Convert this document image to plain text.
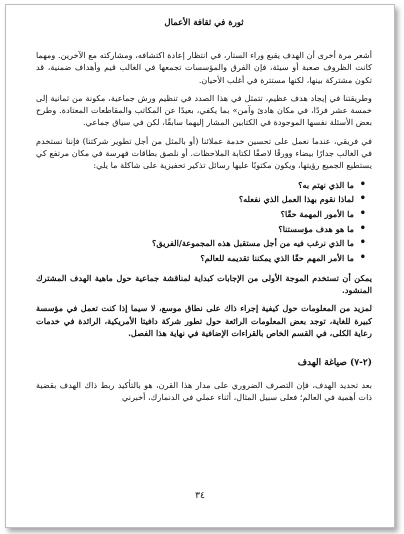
ثورة في ثقافة الأعمال

أشعر مرة أخرى أن الهدف يقبع وراء الستار، في انتظار إعادة اكتشافه، ومشاركته مع الآخرين. ومهما كانت الظروف صعبة أو سيئة، فإن الفرق والمؤسسات تجمعها في الغالب قيم وأهداف ضمنية، قد تكون مشتركة بينها، لكنها مستترة في أغلب الأحيان.

وطريقتنا في إيجاد هدف عظيم، تتمثل في هذا الصدد في تنظيم ورش جماعية، مكونة من ثمانية إلى خمسة عشر فردًا، في مكان هادئ وآمن» بما يكفي، بعيدًا عن المكاتب والمقاطعات المعتادة. وطرح بعض الأسئلة نفسها الموجودة في الكتابين المشار إليهما سابقًا، لكن في سياق جماعي.

في فريقي، عندما نعمل على تحسين خدمة عملائنا (أو بالمثل من أجل تطوير شركتنا) فإننا نستخدم في الغالب جدارًا بيضاء وورقًا لاصقًا لكتابة الملاحظات. أو نلصق بطاقات فهرسة في مكان مرتفع كي يستطيع الجميع رؤيتها، ويكون مكتوبًا عليها رسائل تذكير تحفيزية على شاكلة ما يلي:

• ما الذي نهتم به؟
• لماذا نقوم بهذا العمل الذي نفعله؟
• ما الأمور المهمة حقًا؟
• ما هو هدف مؤسستنا؟
• ما الذي نرغب فيه من أجل مستقبل هذه المجموعة/الفريق؟
• ما الأمر المهم حقًا الذي يمكننا تقديمه للعالم؟

يمكن أن تستخدم الموجة الأولى من الإجابات كبداية لمناقشة جماعية حول ماهية الهدف المشترك المنشود.

لمزيد من المعلومات حول كيفية إجراء ذاك على نطاق موسع، لا سيما إذا كنت تعمل في مؤسسة كبيرة للغاية، توجد بعض المعلومات الرائعة حول تطور شركة دافيتا الأمريكية، الرائدة في خدمات رعاية الكلى، في القسم الخاص بالقراءات الإضافية في نهاية هذا الفصل.

(٢-٧) صياغة الهدف

بعد تحديد الهدف، فإن التصرف الضروري على مدار هذا القرن، هو بالتأكيد ربط ذاك الهدف بقضية ذات أهمية في العالم؛ فعلى سبيل المثال، أثناء عملي في الدنمارك، أخبرني

٣٤
